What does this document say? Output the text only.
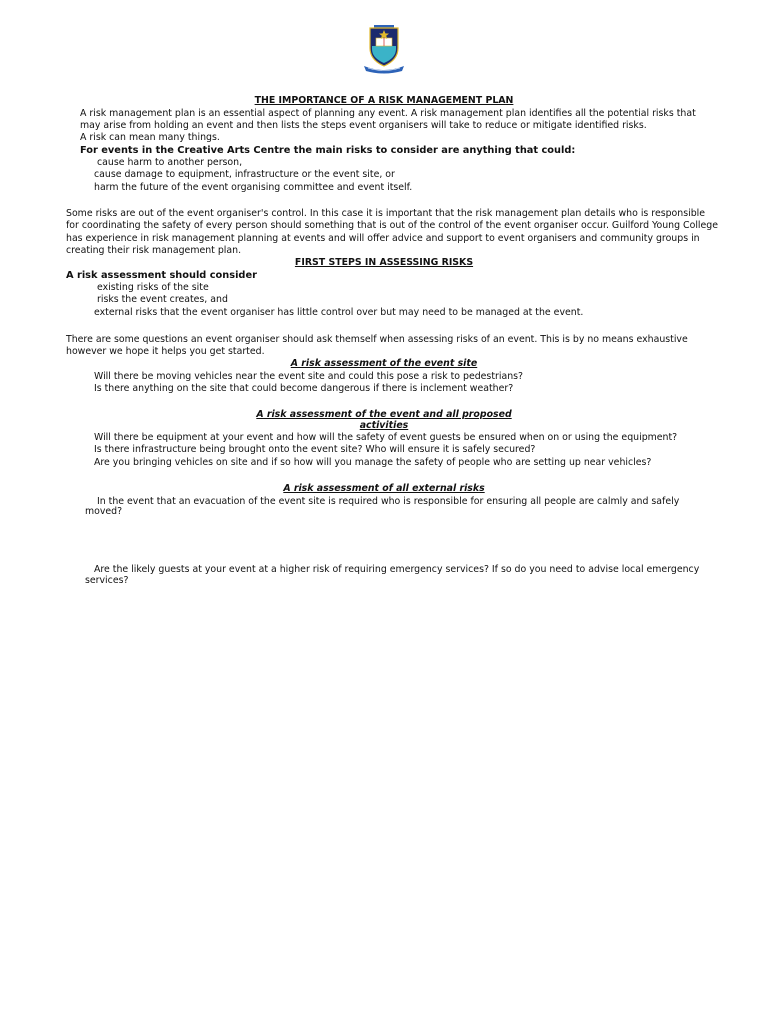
THE IMPORTANCE OF A RISK MANAGEMENT PLAN
A risk management plan is an essential aspect of planning any event. A risk management plan identifies all the potential risks that
may arise from holding an event and then lists the steps event organisers will take to reduce or mitigate identified risks.
A risk can mean many things.
For events in the Creative Arts Centre the main risks to consider are anything that could:
cause harm to another person,
cause damage to equipment, infrastructure or the event site, or
harm the future of the event organising committee and event itself.
Some risks are out of the event organiser's control. In this case it is important that the risk management plan details who is responsible
for coordinating the safety of every person should something that is out of the control of the event organiser occur. Guilford Young College
has experience in risk management planning at events and will offer advice and support to event organisers and community groups in
creating their risk management plan.
FIRST STEPS IN ASSESSING RISKS
A risk assessment should consider
existing risks of the site
risks the event creates, and
external risks that the event organiser has little control over but may need to be managed at the event.
There are some questions an event organiser should ask themself when assessing risks of an event. This is by no means exhaustive
however we hope it helps you get started.
A risk assessment of the event site
Will there be moving vehicles near the event site and could this pose a risk to pedestrians?
Is there anything on the site that could become dangerous if there is inclement weather?
A risk assessment of the event and all proposed
activities
Will there be equipment at your event and how will the safety of event guests be ensured when on or using the equipment?
Is there infrastructure being brought onto the event site? Who will ensure it is safely secured?
Are you bringing vehicles on site and if so how will you manage the safety of people who are setting up near vehicles?
A risk assessment of all external risks
In the event that an evacuation of the event site is required who is responsible for ensuring all people are calmly and safely
moved?
Are the likely guests at your event at a higher risk of requiring emergency services? If so do you need to advise local emergency
services?
